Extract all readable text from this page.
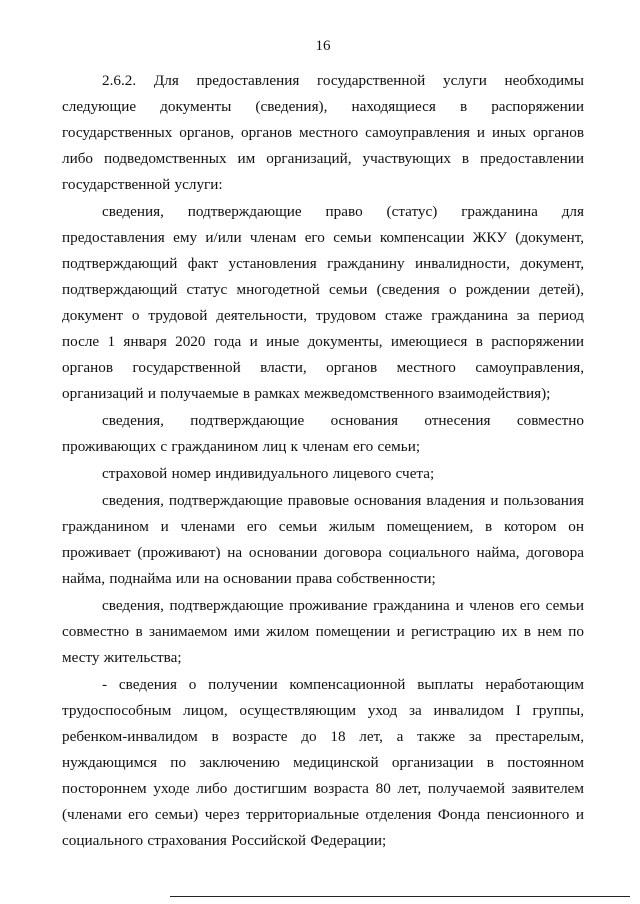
16

2.6.2. Для предоставления государственной услуги необходимы следующие документы (сведения), находящиеся в распоряжении государственных органов, органов местного самоуправления и иных органов либо подведомственных им организаций, участвующих в предоставлении государственной услуги:

сведения, подтверждающие право (статус) гражданина для предоставления ему и/или членам его семьи компенсации ЖКУ (документ, подтверждающий факт установления гражданину инвалидности, документ, подтверждающий статус многодетной семьи (сведения о рождении детей), документ о трудовой деятельности, трудовом стаже гражданина за период после 1 января 2020 года и иные документы, имеющиеся в распоряжении органов государственной власти, органов местного самоуправления, организаций и получаемые в рамках межведомственного взаимодействия);

сведения, подтверждающие основания отнесения совместно проживающих с гражданином лиц к членам его семьи;

страховой номер индивидуального лицевого счета;

сведения, подтверждающие правовые основания владения и пользования гражданином и членами его семьи жилым помещением, в котором он проживает (проживают) на основании договора социального найма, договора найма, поднайма или на основании права собственности;

сведения, подтверждающие проживание гражданина и членов его семьи совместно в занимаемом ими жилом помещении и регистрацию их в нем по месту жительства;

- сведения о получении компенсационной выплаты неработающим трудоспособным лицом, осуществляющим уход за инвалидом I группы, ребенком-инвалидом в возрасте до 18 лет, а также за престарелым, нуждающимся по заключению медицинской организации в постоянном постороннем уходе либо достигшим возраста 80 лет, получаемой заявителем (членами его семьи) через территориальные отделения Фонда пенсионного и социального страхования Российской Федерации;
